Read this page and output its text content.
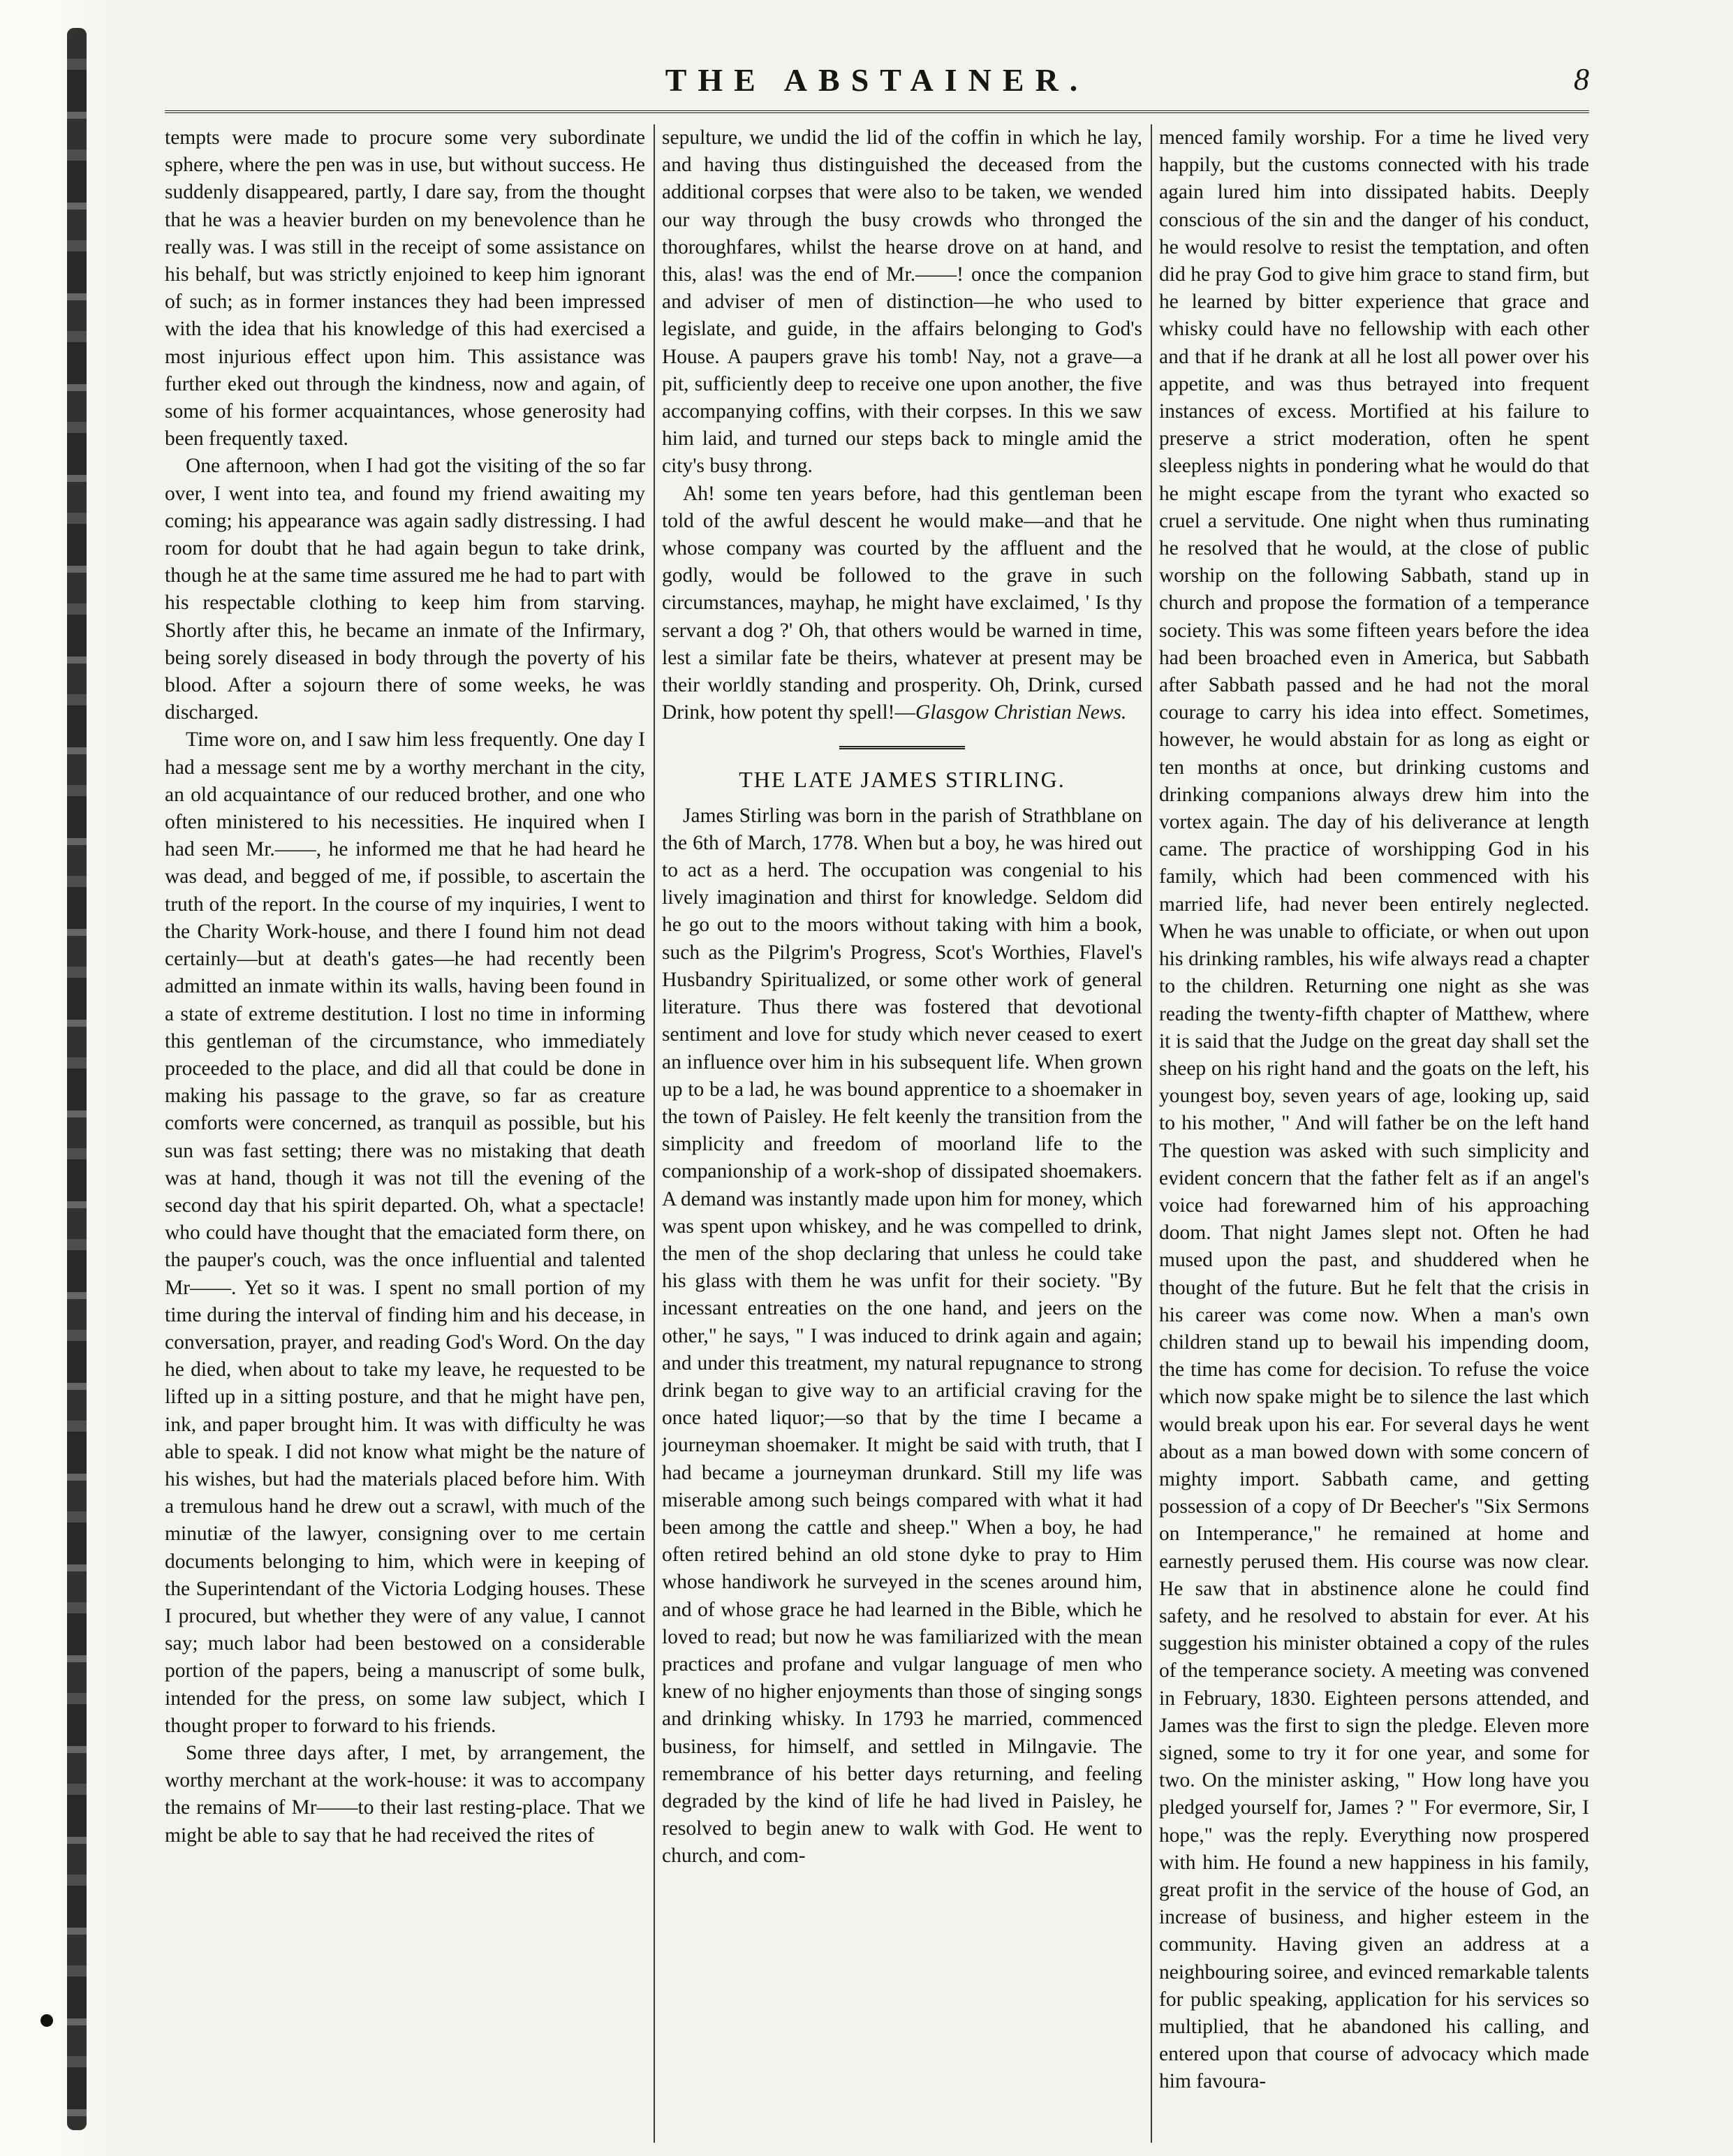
THE ABSTAINER.	8

tempts were made to procure some very subordinate sphere, where the pen was in use, but without success. He suddenly disappeared, partly, I dare say, from the thought that he was a heavier burden on my benevolence than he really was. I was still in the receipt of some assistance on his behalf, but was strictly enjoined to keep him ignorant of such; as in former instances they had been impressed with the idea that his knowledge of this had exercised a most injurious effect upon him. This assistance was further eked out through the kindness, now and again, of some of his former acquaintances, whose generosity had been frequently taxed.

One afternoon, when I had got the visiting of the so far over, I went into tea, and found my friend awaiting my coming; his appearance was again sadly distressing. I had room for doubt that he had again begun to take drink, though he at the same time assured me he had to part with his respectable clothing to keep him from starving. Shortly after this, he became an inmate of the Infirmary, being sorely diseased in body through the poverty of his blood. After a sojourn there of some weeks, he was discharged.

Time wore on, and I saw him less frequently. One day I had a message sent me by a worthy merchant in the city, an old acquaintance of our reduced brother, and one who often ministered to his necessities. He inquired when I had seen Mr.——, he informed me that he had heard he was dead, and begged of me, if possible, to ascertain the truth of the report. In the course of my inquiries, I went to the Charity Work-house, and there I found him not dead certainly—but at death's gates—he had recently been admitted an inmate within its walls, having been found in a state of extreme destitution. I lost no time in informing this gentleman of the circumstance, who immediately proceeded to the place, and did all that could be done in making his passage to the grave, so far as creature comforts were concerned, as tranquil as possible, but his sun was fast setting; there was no mistaking that death was at hand, though it was not till the evening of the second day that his spirit departed. Oh, what a spectacle! who could have thought that the emaciated form there, on the pauper's couch, was the once influential and talented Mr——. Yet so it was. I spent no small portion of my time during the interval of finding him and his decease, in conversation, prayer, and reading God's Word. On the day he died, when about to take my leave, he requested to be lifted up in a sitting posture, and that he might have pen, ink, and paper brought him. It was with difficulty he was able to speak. I did not know what might be the nature of his wishes, but had the materials placed before him. With a tremulous hand he drew out a scrawl, with much of the minutiæ of the lawyer, consigning over to me certain documents belonging to him, which were in keeping of the Superintendant of the Victoria Lodging houses. These I procured, but whether they were of any value, I cannot say; much labor had been bestowed on a considerable portion of the papers, being a manuscript of some bulk, intended for the press, on some law subject, which I thought proper to forward to his friends.

Some three days after, I met, by arrangement, the worthy merchant at the work-house: it was to accompany the remains of Mr——to their last resting-place. That we might be able to say that he had received the rites of

sepulture, we undid the lid of the coffin in which he lay, and having thus distinguished the deceased from the additional corpses that were also to be taken, we wended our way through the busy crowds who thronged the thoroughfares, whilst the hearse drove on at hand, and this, alas! was the end of Mr.——! once the companion and adviser of men of distinction—he who used to legislate, and guide, in the affairs belonging to God's House. A paupers grave his tomb! Nay, not a grave—a pit, sufficiently deep to receive one upon another, the five accompanying coffins, with their corpses. In this we saw him laid, and turned our steps back to mingle amid the city's busy throng.

Ah! some ten years before, had this gentleman been told of the awful descent he would make—and that he whose company was courted by the affluent and the godly, would be followed to the grave in such circumstances, mayhap, he might have exclaimed, ' Is thy servant a dog ?' Oh, that others would be warned in time, lest a similar fate be theirs, whatever at present may be their worldly standing and prosperity. Oh, Drink, cursed Drink, how potent thy spell!—Glasgow Christian News.

THE LATE JAMES STIRLING.

James Stirling was born in the parish of Strathblane on the 6th of March, 1778. When but a boy, he was hired out to act as a herd. The occupation was congenial to his lively imagination and thirst for knowledge. Seldom did he go out to the moors without taking with him a book, such as the Pilgrim's Progress, Scot's Worthies, Flavel's Husbandry Spiritualized, or some other work of general literature. Thus there was fostered that devotional sentiment and love for study which never ceased to exert an influence over him in his subsequent life. When grown up to be a lad, he was bound apprentice to a shoemaker in the town of Paisley. He felt keenly the transition from the simplicity and freedom of moorland life to the companionship of a work-shop of dissipated shoemakers. A demand was instantly made upon him for money, which was spent upon whiskey, and he was compelled to drink, the men of the shop declaring that unless he could take his glass with them he was unfit for their society. "By incessant entreaties on the one hand, and jeers on the other," he says, " I was induced to drink again and again; and under this treatment, my natural repugnance to strong drink began to give way to an artificial craving for the once hated liquor;—so that by the time I became a journeyman shoemaker. It might be said with truth, that I had became a journeyman drunkard. Still my life was miserable among such beings compared with what it had been among the cattle and sheep." When a boy, he had often retired behind an old stone dyke to pray to Him whose handiwork he surveyed in the scenes around him, and of whose grace he had learned in the Bible, which he loved to read; but now he was familiarized with the mean practices and profane and vulgar language of men who knew of no higher enjoyments than those of singing songs and drinking whisky. In 1793 he married, commenced business, for himself, and settled in Milngavie. The remembrance of his better days returning, and feeling degraded by the kind of life he had lived in Paisley, he resolved to begin anew to walk with God. He went to church, and com-

menced family worship. For a time he lived very happily, but the customs connected with his trade again lured him into dissipated habits. Deeply conscious of the sin and the danger of his conduct, he would resolve to resist the temptation, and often did he pray God to give him grace to stand firm, but he learned by bitter experience that grace and whisky could have no fellowship with each other and that if he drank at all he lost all power over his appetite, and was thus betrayed into frequent instances of excess. Mortified at his failure to preserve a strict moderation, often he spent sleepless nights in pondering what he would do that he might escape from the tyrant who exacted so cruel a servitude. One night when thus ruminating he resolved that he would, at the close of public worship on the following Sabbath, stand up in church and propose the formation of a temperance society. This was some fifteen years before the idea had been broached even in America, but Sabbath after Sabbath passed and he had not the moral courage to carry his idea into effect. Sometimes, however, he would abstain for as long as eight or ten months at once, but drinking customs and drinking companions always drew him into the vortex again. The day of his deliverance at length came. The practice of worshipping God in his family, which had been commenced with his married life, had never been entirely neglected. When he was unable to officiate, or when out upon his drinking rambles, his wife always read a chapter to the children. Returning one night as she was reading the twenty-fifth chapter of Matthew, where it is said that the Judge on the great day shall set the sheep on his right hand and the goats on the left, his youngest boy, seven years of age, looking up, said to his mother, " And will father be on the left hand The question was asked with such simplicity and evident concern that the father felt as if an angel's voice had forewarned him of his approaching doom. That night James slept not. Often he had mused upon the past, and shuddered when he thought of the future. But he felt that the crisis in his career was come now. When a man's own children stand up to bewail his impending doom, the time has come for decision. To refuse the voice which now spake might be to silence the last which would break upon his ear. For several days he went about as a man bowed down with some concern of mighty import. Sabbath came, and getting possession of a copy of Dr Beecher's "Six Sermons on Intemperance," he remained at home and earnestly perused them. His course was now clear. He saw that in abstinence alone he could find safety, and he resolved to abstain for ever. At his suggestion his minister obtained a copy of the rules of the temperance society. A meeting was convened in February, 1830. Eighteen persons attended, and James was the first to sign the pledge. Eleven more signed, some to try it for one year, and some for two. On the minister asking, " How long have you pledged yourself for, James ? " For evermore, Sir, I hope," was the reply. Everything now prospered with him. He found a new happiness in his family, great profit in the service of the house of God, an increase of business, and higher esteem in the community. Having given an address at a neighbouring soiree, and evinced remarkable talents for public speaking, application for his services so multiplied, that he abandoned his calling, and entered upon that course of advocacy which made him favoura-
